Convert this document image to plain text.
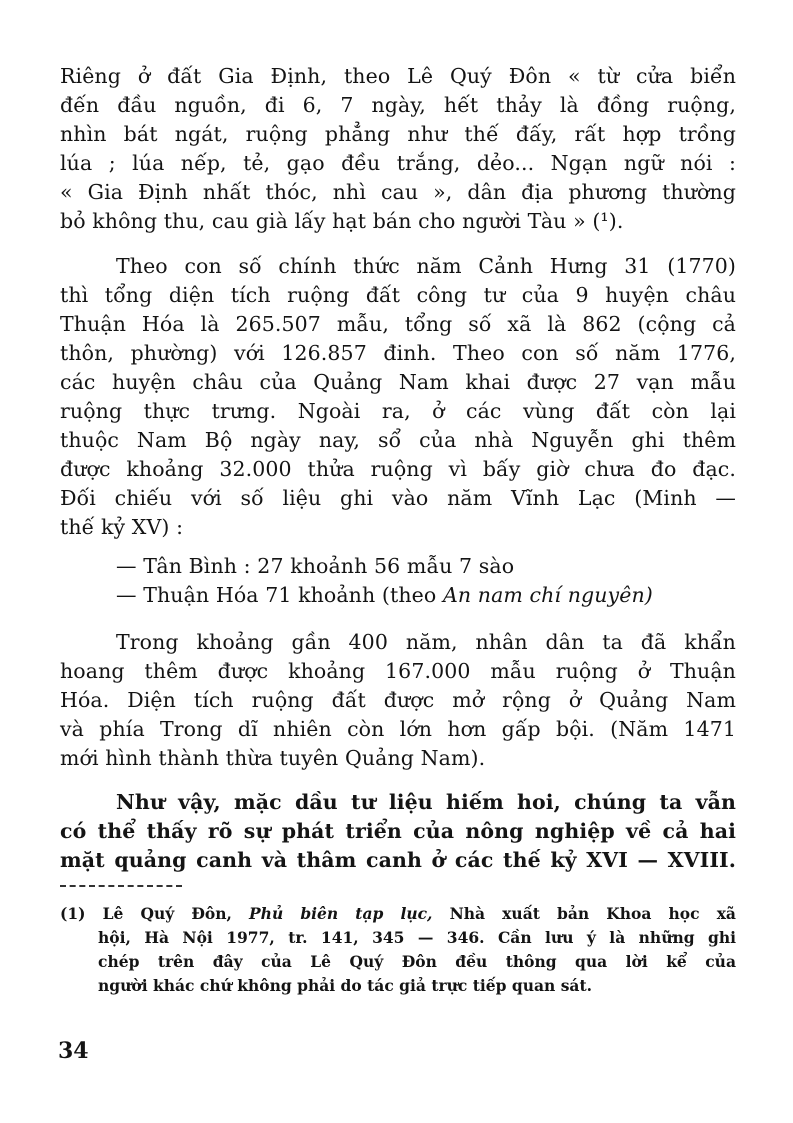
Riêng ở đất Gia Định, theo Lê Quý Đôn « từ cửa biển
đến đầu nguồn, đi 6, 7 ngày, hết thảy là đồng ruộng,
nhìn bát ngát, ruộng phẳng như thế đấy, rất hợp trồng
lúa ; lúa nếp, tẻ, gạo đều trắng, dẻo... Ngạn ngữ nói :
« Gia Định nhất thóc, nhì cau », dân địa phương thường
bỏ không thu, cau già lấy hạt bán cho người Tàu » (¹).
Theo con số chính thức năm Cảnh Hưng 31 (1770)
thì tổng diện tích ruộng đất công tư của 9 huyện châu
Thuận Hóa là 265.507 mẫu, tổng số xã là 862 (cộng cả
thôn, phường) với 126.857 đinh. Theo con số năm 1776,
các huyện châu của Quảng Nam khai được 27 vạn mẫu
ruộng thực trưng. Ngoài ra, ở các vùng đất còn lại
thuộc Nam Bộ ngày nay, sổ của nhà Nguyễn ghi thêm
được khoảng 32.000 thửa ruộng vì bấy giờ chưa đo đạc.
Đối chiếu với số liệu ghi vào năm Vĩnh Lạc (Minh —
thế kỷ XV) :
— Tân Bình : 27 khoảnh 56 mẫu 7 sào
— Thuận Hóa 71 khoảnh (theo An nam chí nguyên)
Trong khoảng gần 400 năm, nhân dân ta đã khẩn
hoang thêm được khoảng 167.000 mẫu ruộng ở Thuận
Hóa. Diện tích ruộng đất được mở rộng ở Quảng Nam
và phía Trong dĩ nhiên còn lớn hơn gấp bội. (Năm 1471
mới hình thành thừa tuyên Quảng Nam).
Như vậy, mặc dầu tư liệu hiếm hoi, chúng ta vẫn
có thể thấy rõ sự phát triển của nông nghiệp về cả hai
mặt quảng canh và thâm canh ở các thế kỷ XVI — XVIII.
(1) Lê Quý Đôn, Phủ biên tạp lục, Nhà xuất bản Khoa học xã
hội, Hà Nội 1977, tr. 141, 345 — 346. Cần lưu ý là những ghi
chép trên đây của Lê Quý Đôn đều thông qua lời kể của
người khác chứ không phải do tác giả trực tiếp quan sát.
34
